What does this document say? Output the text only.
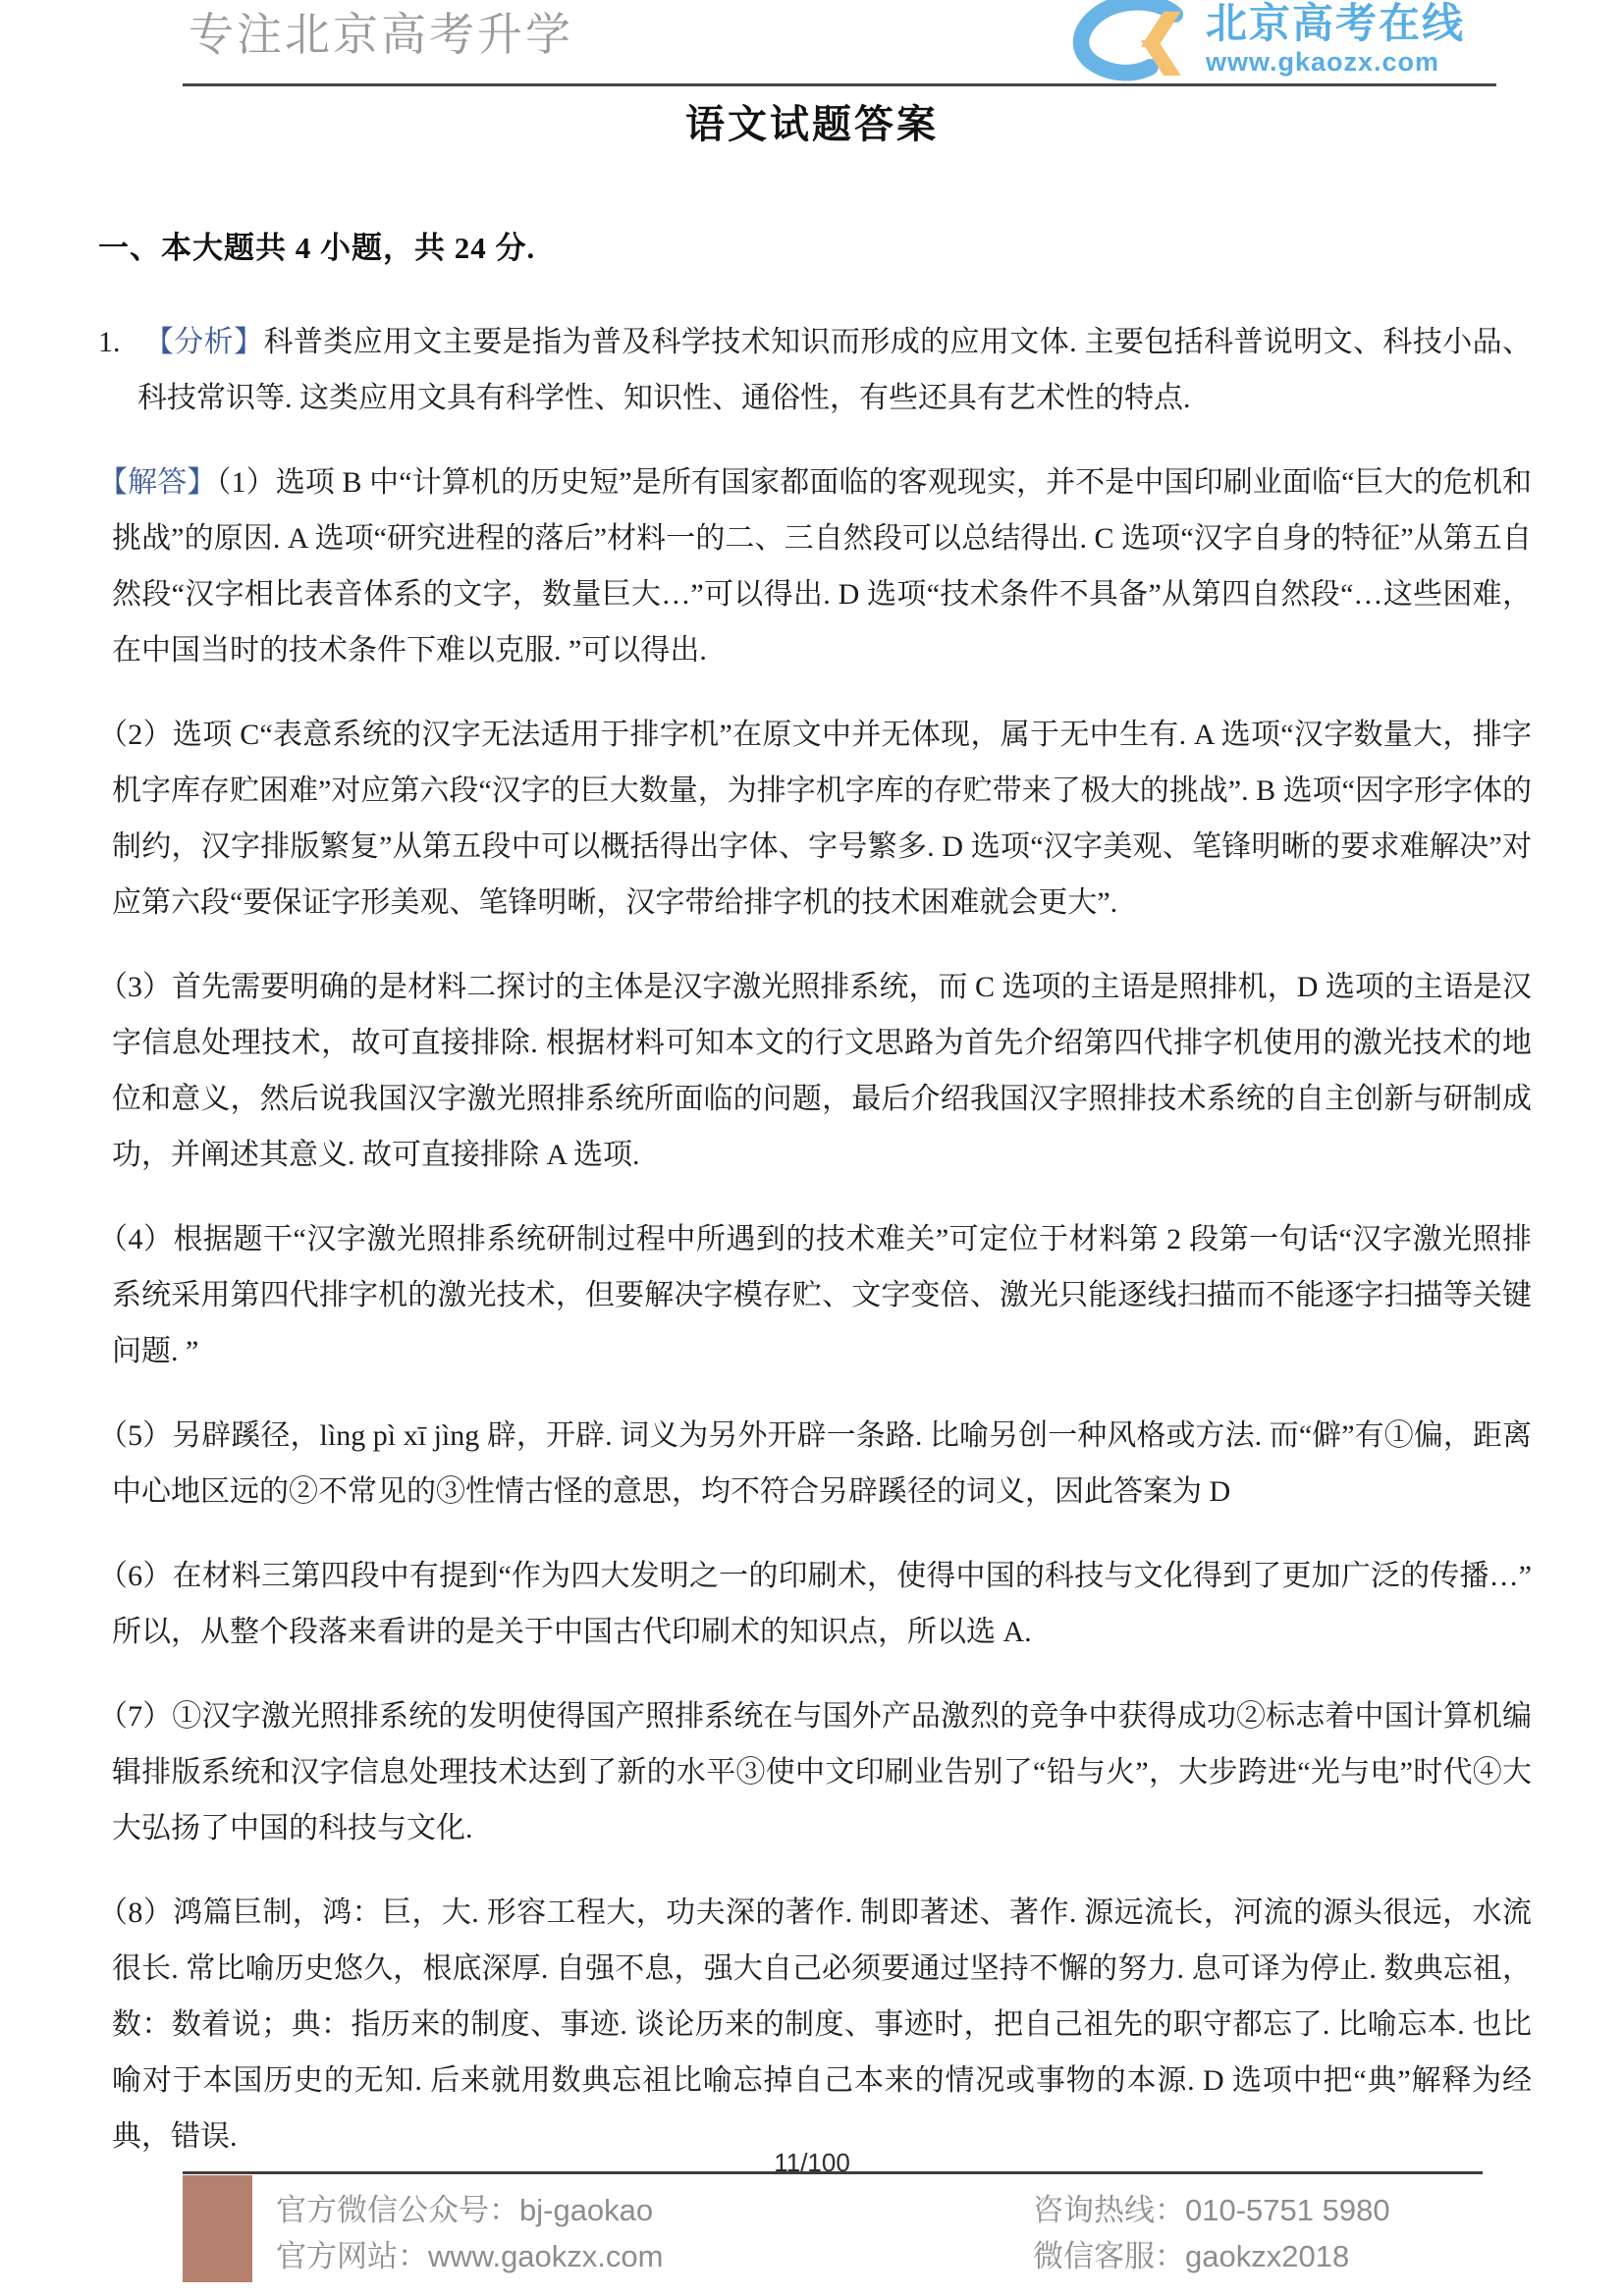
专注北京高考升学	北京高考在线
www.gkaozx.com
语文试题答案
一、本大题共 4 小题，共 24 分.

1. 【分析】科普类应用文主要是指为普及科学技术知识而形成的应用文体. 主要包括科普说明文、科技小品、科技常识等. 这类应用文具有科学性、知识性、通俗性，有些还具有艺术性的特点.

【解答】（1）选项 B 中“计算机的历史短”是所有国家都面临的客观现实，并不是中国印刷业面临“巨大的危机和挑战”的原因. A 选项“研究进程的落后”材料一的二、三自然段可以总结得出. C 选项“汉字自身的特征”从第五自然段“汉字相比表音体系的文字，数量巨大…”可以得出. D 选项“技术条件不具备”从第四自然段“…这些困难，在中国当时的技术条件下难以克服. ”可以得出.

（2）选项 C“表意系统的汉字无法适用于排字机”在原文中并无体现，属于无中生有. A 选项“汉字数量大，排字机字库存贮困难”对应第六段“汉字的巨大数量，为排字机字库的存贮带来了极大的挑战”. B 选项“因字形字体的制约，汉字排版繁复”从第五段中可以概括得出字体、字号繁多. D 选项“汉字美观、笔锋明晰的要求难解决”对应第六段“要保证字形美观、笔锋明晰，汉字带给排字机的技术困难就会更大”.

（3）首先需要明确的是材料二探讨的主体是汉字激光照排系统，而 C 选项的主语是照排机，D 选项的主语是汉字信息处理技术，故可直接排除. 根据材料可知本文的行文思路为首先介绍第四代排字机使用的激光技术的地位和意义，然后说我国汉字激光照排系统所面临的问题，最后介绍我国汉字照排技术系统的自主创新与研制成功，并阐述其意义. 故可直接排除 A 选项.

（4）根据题干“汉字激光照排系统研制过程中所遇到的技术难关”可定位于材料第 2 段第一句话“汉字激光照排系统采用第四代排字机的激光技术，但要解决字模存贮、文字变倍、激光只能逐线扫描而不能逐字扫描等关键问题. ”

（5）另辟蹊径，lìng pì xī jìng 辟，开辟. 词义为另外开辟一条路. 比喻另创一种风格或方法. 而“僻”有①偏，距离中心地区远的②不常见的③性情古怪的意思，均不符合另辟蹊径的词义，因此答案为 D

（6）在材料三第四段中有提到“作为四大发明之一的印刷术，使得中国的科技与文化得到了更加广泛的传播…”所以，从整个段落来看讲的是关于中国古代印刷术的知识点，所以选 A.

（7）①汉字激光照排系统的发明使得国产照排系统在与国外产品激烈的竞争中获得成功②标志着中国计算机编辑排版系统和汉字信息处理技术达到了新的水平③使中文印刷业告别了“铅与火”，大步跨进“光与电”时代④大大弘扬了中国的科技与文化.

（8）鸿篇巨制，鸿：巨，大. 形容工程大，功夫深的著作. 制即著述、著作. 源远流长，河流的源头很远，水流很长. 常比喻历史悠久，根底深厚. 自强不息，强大自己必须要通过坚持不懈的努力. 息可译为停止. 数典忘祖，数：数着说；典：指历来的制度、事迹. 谈论历来的制度、事迹时，把自己祖先的职守都忘了. 比喻忘本. 也比喻对于本国历史的无知. 后来就用数典忘祖比喻忘掉自己本来的情况或事物的本源. D 选项中把“典”解释为经典，错误.

11/100
官方微信公众号：bj-gaokao
官方网站：www.gaokzx.com
咨询热线：010-5751 5980
微信客服：gaokzx2018
